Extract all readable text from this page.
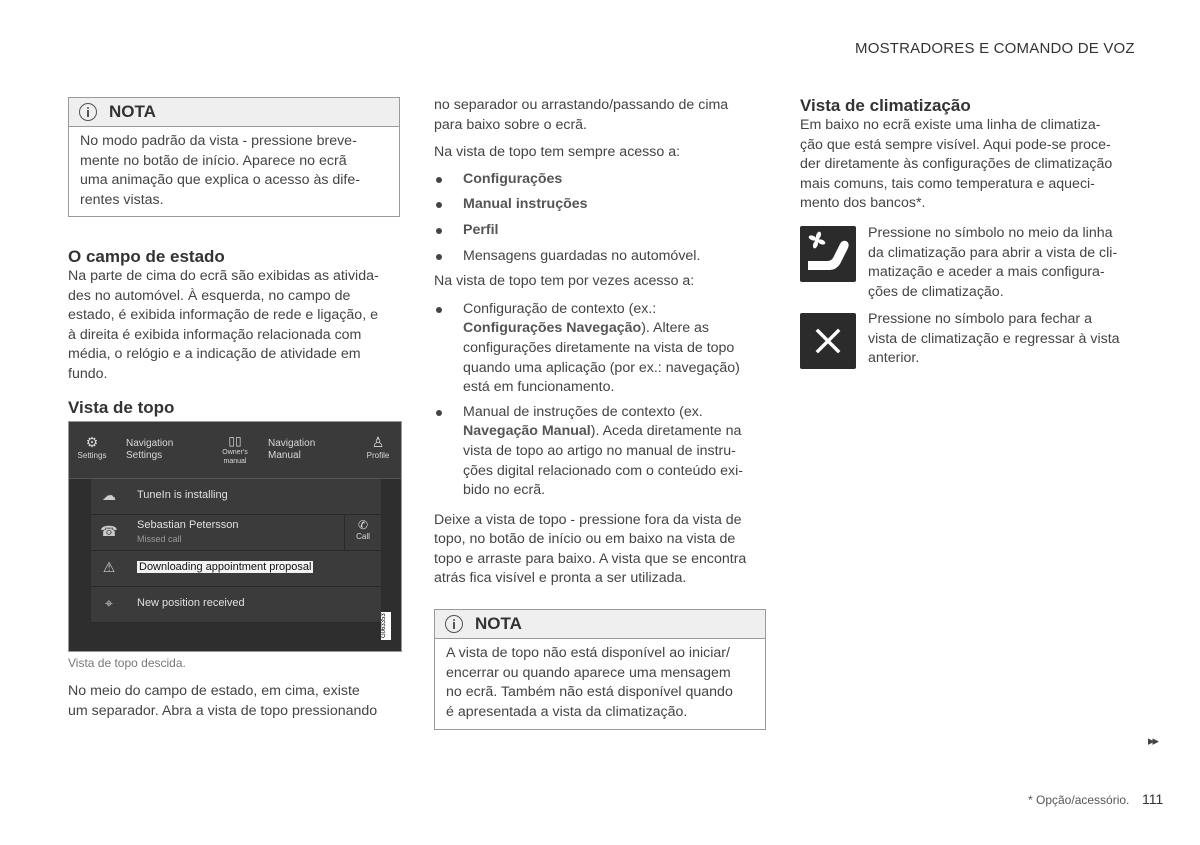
MOSTRADORES E COMANDO DE VOZ
NOTA

No modo padrão da vista - pressione breve-

mente no botão de início. Aparece no ecrã

uma animação que explica o acesso às dife-

rentes vistas.

O campo de estado

Na parte de cima do ecrã são exibidas as ativida-

des no automóvel. À esquerda, no campo de

estado, é exibida informação de rede e ligação, e

à direita é exibida informação relacionada com

média, o relógio e a indicação de atividade em

fundo.

Vista de topo

⚙
Settings
Navigation
Settings
▯▯
Owner's
manual
Navigation
Manual
♙
Profile
☁ TuneIn is installing
☎ Sebastian Petersson
Missed call
✆
Call
⚠	Downloading appointment proposal
⌖	New position received
G063353

Vista de topo descida.

No meio do campo de estado, em cima, existe

um separador. Abra a vista de topo pressionando

no separador ou arrastando/passando de cima

para baixo sobre o ecrã.

Na vista de topo tem sempre acesso a:

Configurações

Manual instruções

Perfil

Mensagens guardadas no automóvel.

Na vista de topo tem por vezes acesso a:

Configuração de contexto (ex.:
Configurações Navegação). Altere as
configurações diretamente na vista de topo
quando uma aplicação (por ex.: navegação)
está em funcionamento.
Manual de instruções de contexto (ex.
Navegação Manual). Aceda diretamente na
vista de topo ao artigo no manual de instru-
ções digital relacionado com o conteúdo exi-
bido no ecrã.

Deixe a vista de topo - pressione fora da vista de

topo, no botão de início ou em baixo na vista de

topo e arraste para baixo. A vista que se encontra

atrás fica visível e pronta a ser utilizada.

NOTA

A vista de topo não está disponível ao iniciar/

encerrar ou quando aparece uma mensagem

no ecrã. Também não está disponível quando

é apresentada a vista da climatização.

Vista de climatização

Em baixo no ecrã existe uma linha de climatiza-

ção que está sempre visível. Aqui pode-se proce-

der diretamente às configurações de climatização

mais comuns, tais como temperatura e aqueci-

mento dos bancos*.

Pressione no símbolo no meio da linha

da climatização para abrir a vista de cli-

matização e aceder a mais configura-

ções de climatização.

Pressione no símbolo para fechar a

vista de climatização e regressar à vista

anterior.

▸▸
* Opção/acessório. 111
